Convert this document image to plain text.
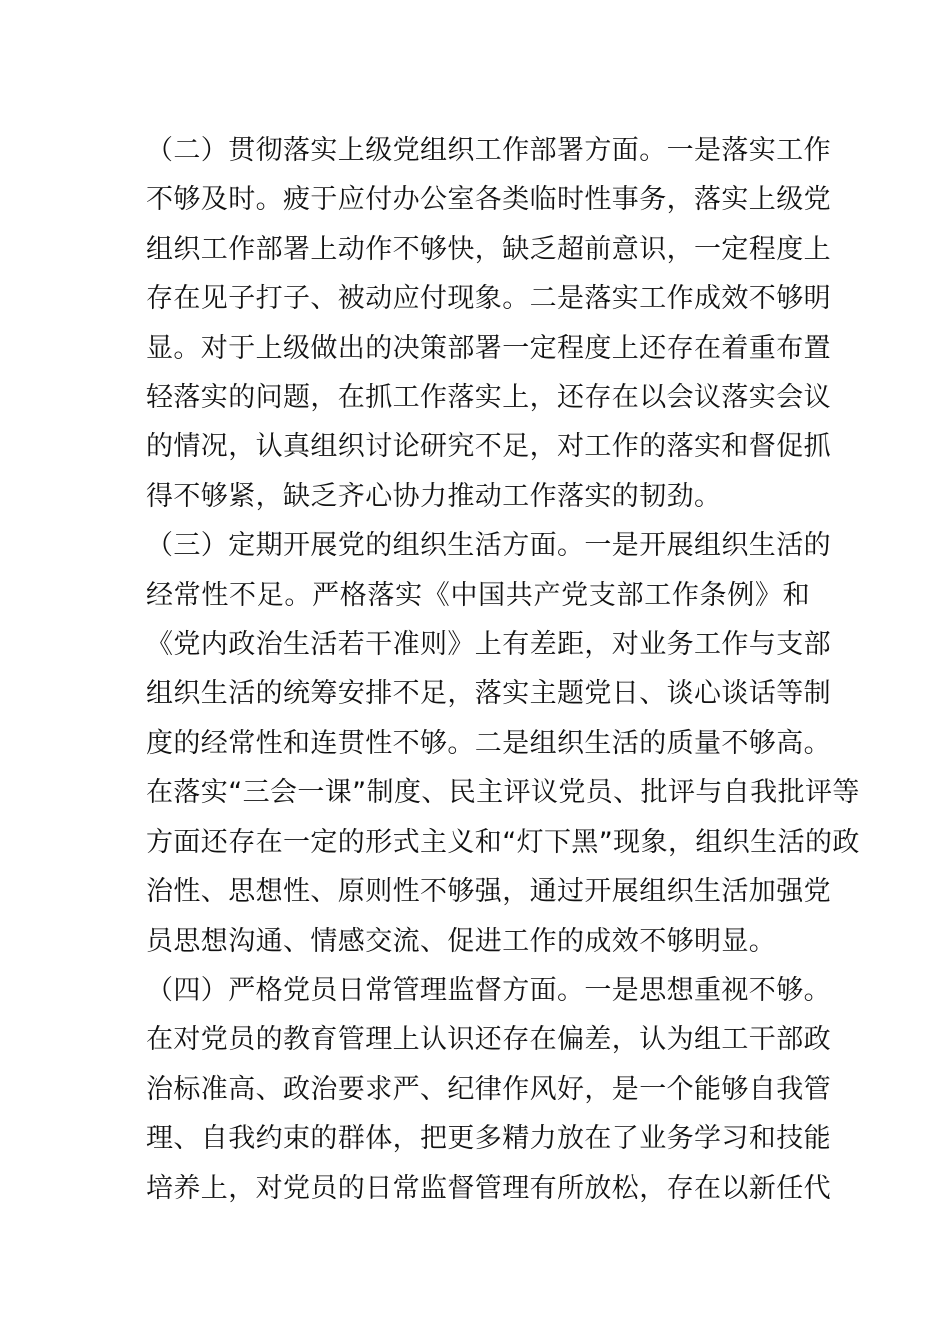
（二）贯彻落实上级党组织工作部署方面。一是落实工作
不够及时。疲于应付办公室各类临时性事务，落实上级党
组织工作部署上动作不够快，缺乏超前意识，一定程度上
存在见子打子、被动应付现象。二是落实工作成效不够明
显。对于上级做出的决策部署一定程度上还存在着重布置
轻落实的问题，在抓工作落实上，还存在以会议落实会议
的情况，认真组织讨论研究不足，对工作的落实和督促抓
得不够紧，缺乏齐心协力推动工作落实的韧劲。

（三）定期开展党的组织生活方面。一是开展组织生活的
经常性不足。严格落实《中国共产党支部工作条例》和
《党内政治生活若干准则》上有差距，对业务工作与支部
组织生活的统筹安排不足，落实主题党日、谈心谈话等制
度的经常性和连贯性不够。二是组织生活的质量不够高。
在落实“三会一课”制度、民主评议党员、批评与自我批评等
方面还存在一定的形式主义和“灯下黑”现象，组织生活的政
治性、思想性、原则性不够强，通过开展组织生活加强党
员思想沟通、情感交流、促进工作的成效不够明显。

（四）严格党员日常管理监督方面。一是思想重视不够。
在对党员的教育管理上认识还存在偏差，认为组工干部政
治标准高、政治要求严、纪律作风好，是一个能够自我管
理、自我约束的群体，把更多精力放在了业务学习和技能
培养上，对党员的日常监督管理有所放松，存在以新任代
